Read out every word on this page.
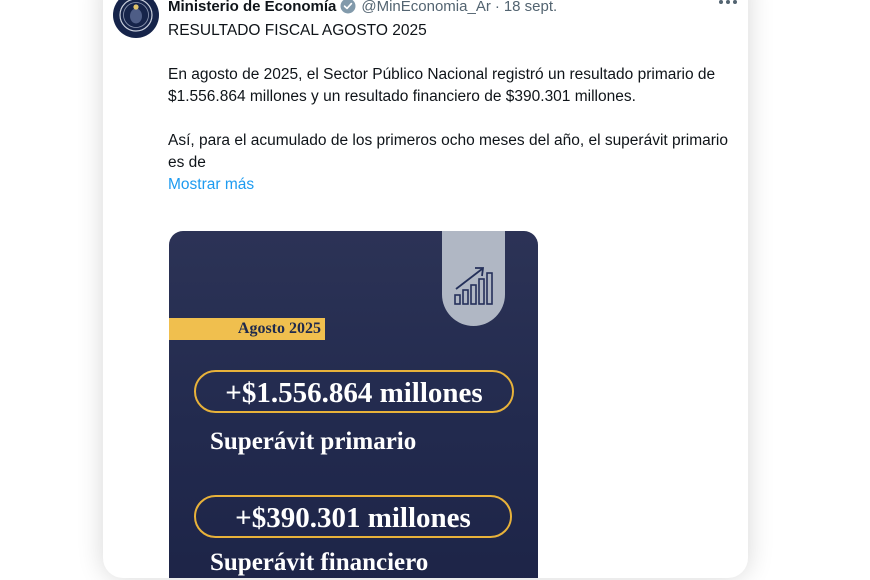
Ministerio de Economía @MinEconomia_Ar · 18 sept.

RESULTADO FISCAL AGOSTO 2025

En agosto de 2025, el Sector Público Nacional registró un resultado primario de $1.556.864 millones y un resultado financiero de $390.301 millones.

Así, para el acumulado de los primeros ocho meses del año, el superávit primario es de

Mostrar más
Agosto 2025
+$1.556.864 millones
Superávit primario
+$390.301 millones
Superávit financiero
